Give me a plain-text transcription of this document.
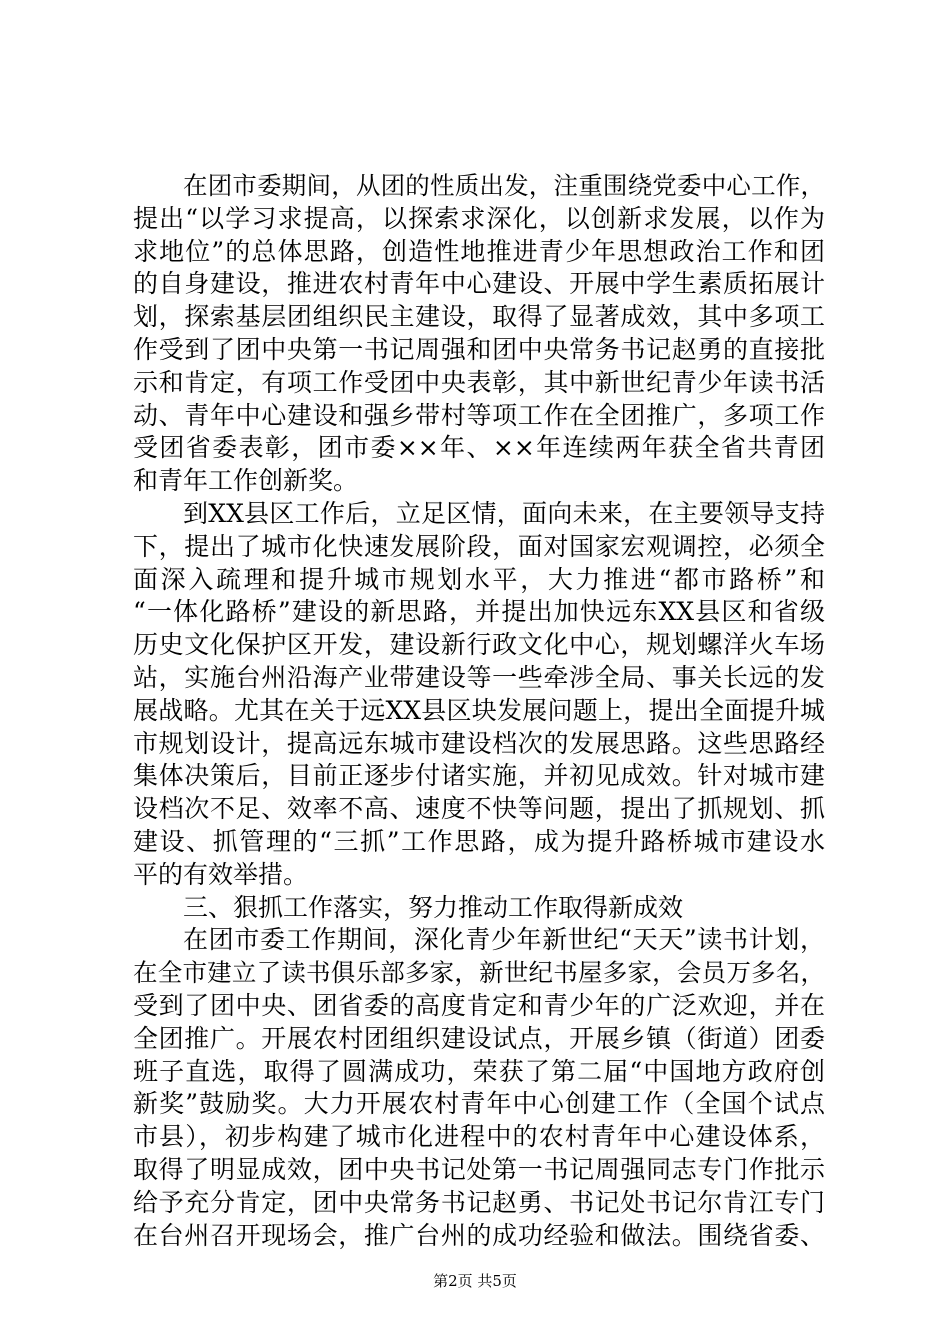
在团市委期间，从团的性质出发，注重围绕党委中心工作，
提出“以学习求提高，以探索求深化，以创新求发展，以作为
求地位”的总体思路，创造性地推进青少年思想政治工作和团
的自身建设，推进农村青年中心建设、开展中学生素质拓展计
划，探索基层团组织民主建设，取得了显著成效，其中多项工
作受到了团中央第一书记周强和团中央常务书记赵勇的直接批
示和肯定，有项工作受团中央表彰，其中新世纪青少年读书活
动、青年中心建设和强乡带村等项工作在全团推广，多项工作
受团省委表彰，团市委××年、××年连续两年获全省共青团
和青年工作创新奖。
到XX县区工作后，立足区情，面向未来，在主要领导支持
下，提出了城市化快速发展阶段，面对国家宏观调控，必须全
面深入疏理和提升城市规划水平，大力推进“都市路桥”和
“一体化路桥”建设的新思路，并提出加快远东XX县区和省级
历史文化保护区开发，建设新行政文化中心，规划螺洋火车场
站，实施台州沿海产业带建设等一些牵涉全局、事关长远的发
展战略。尤其在关于远XX县区块发展问题上，提出全面提升城
市规划设计，提高远东城市建设档次的发展思路。这些思路经
集体决策后，目前正逐步付诸实施，并初见成效。针对城市建
设档次不足、效率不高、速度不快等问题，提出了抓规划、抓
建设、抓管理的“三抓”工作思路，成为提升路桥城市建设水
平的有效举措。
三、狠抓工作落实，努力推动工作取得新成效
在团市委工作期间，深化青少年新世纪“天天”读书计划，
在全市建立了读书俱乐部多家，新世纪书屋多家，会员万多名，
受到了团中央、团省委的高度肯定和青少年的广泛欢迎，并在
全团推广。开展农村团组织建设试点，开展乡镇（街道）团委
班子直选，取得了圆满成功，荣获了第二届“中国地方政府创
新奖”鼓励奖。大力开展农村青年中心创建工作（全国个试点
市县），初步构建了城市化进程中的农村青年中心建设体系，
取得了明显成效，团中央书记处第一书记周强同志专门作批示
给予充分肯定，团中央常务书记赵勇、书记处书记尔肯江专门
在台州召开现场会，推广台州的成功经验和做法。围绕省委、
第2页 共5页
